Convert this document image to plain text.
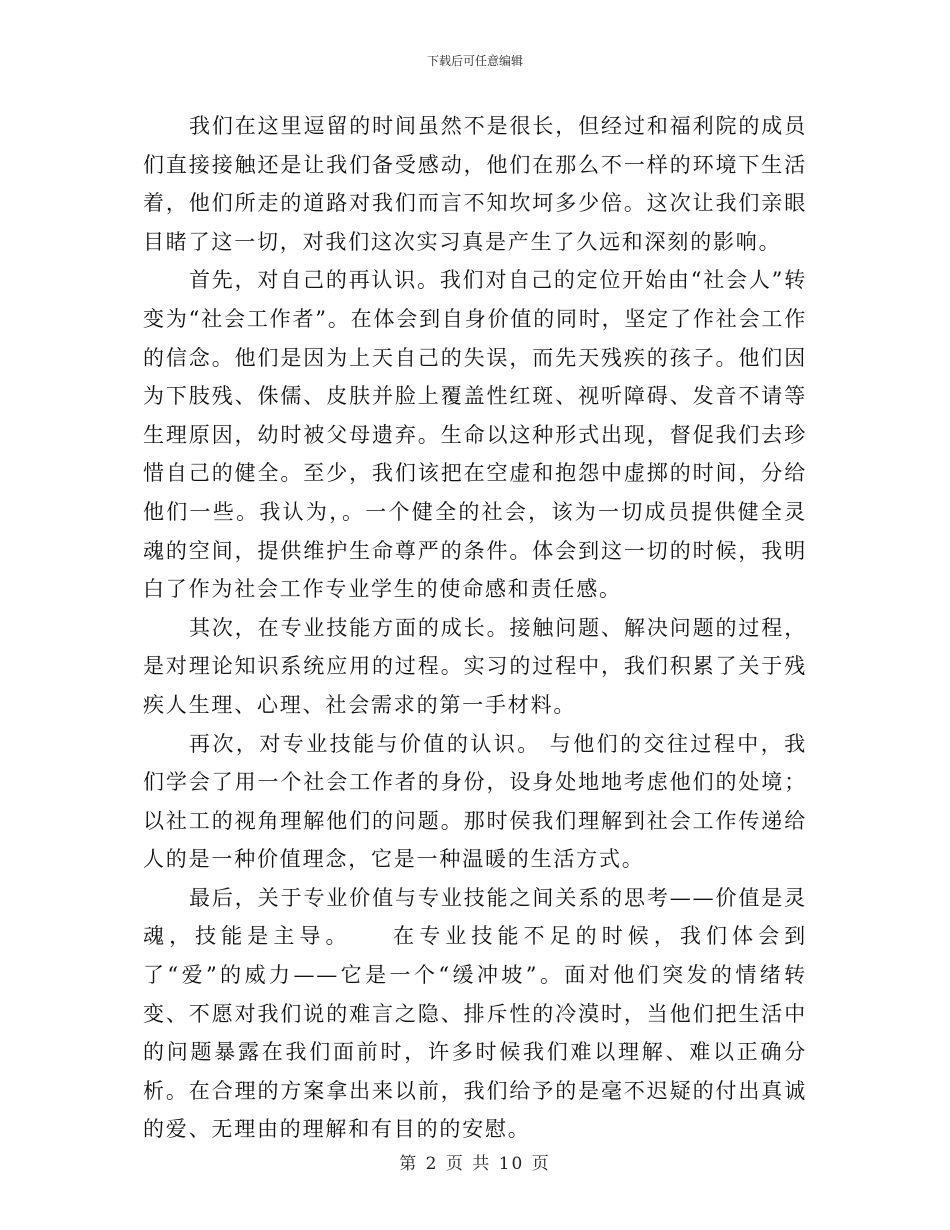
下载后可任意编辑

我们在这里逗留的时间虽然不是很长，但经过和福利院的成员们直接接触还是让我们备受感动，他们在那么不一样的环境下生活着，他们所走的道路对我们而言不知坎坷多少倍。这次让我们亲眼目睹了这一切，对我们这次实习真是产生了久远和深刻的影响。

首先，对自己的再认识。我们对自己的定位开始由“社会人”转变为“社会工作者”。在体会到自身价值的同时，坚定了作社会工作的信念。他们是因为上天自己的失误，而先天残疾的孩子。他们因为下肢残、侏儒、皮肤并脸上覆盖性红斑、视听障碍、发音不请等生理原因，幼时被父母遗弃。生命以这种形式出现，督促我们去珍惜自己的健全。至少，我们该把在空虚和抱怨中虚掷的时间，分给他们一些。我认为，。一个健全的社会，该为一切成员提供健全灵魂的空间，提供维护生命尊严的条件。体会到这一切的时候，我明白了作为社会工作专业学生的使命感和责任感。

其次，在专业技能方面的成长。接触问题、解决问题的过程，是对理论知识系统应用的过程。实习的过程中，我们积累了关于残疾人生理、心理、社会需求的第一手材料。

再次，对专业技能与价值的认识。 与他们的交往过程中，我们学会了用一个社会工作者的身份，设身处地地考虑他们的处境；以社工的视角理解他们的问题。那时侯我们理解到社会工作传递给人的是一种价值理念，它是一种温暖的生活方式。

最后，关于专业价值与专业技能之间关系的思考——价值是灵魂，技能是主导。　　在专业技能不足的时候，我们体会到了“爱”的威力——它是一个“缓冲坡”。面对他们突发的情绪转变、不愿对我们说的难言之隐、排斥性的冷漠时，当他们把生活中的问题暴露在我们面前时，许多时候我们难以理解、难以正确分析。在合理的方案拿出来以前，我们给予的是毫不迟疑的付出真诚的爱、无理由的理解和有目的的安慰。

第 2 页 共 10 页
